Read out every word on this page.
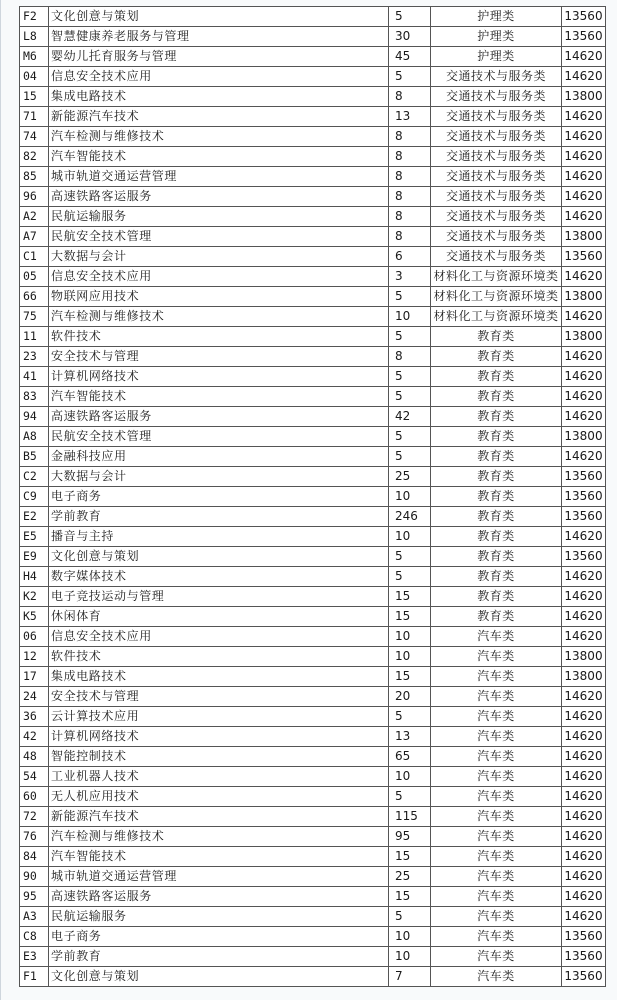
F2	文化创意与策划	5	护理类	13560
L8	智慧健康养老服务与管理	30	护理类	13560
M6	婴幼儿托育服务与管理	45	护理类	14620
04	信息安全技术应用	5	交通技术与服务类	14620
15	集成电路技术	8	交通技术与服务类	13800
71	新能源汽车技术	13	交通技术与服务类	14620
74	汽车检测与维修技术	8	交通技术与服务类	14620
82	汽车智能技术	8	交通技术与服务类	14620
85	城市轨道交通运营管理	8	交通技术与服务类	14620
96	高速铁路客运服务	8	交通技术与服务类	14620
A2	民航运输服务	8	交通技术与服务类	14620
A7	民航安全技术管理	8	交通技术与服务类	13800
C1	大数据与会计	6	交通技术与服务类	13560
05	信息安全技术应用	3	材料化工与资源环境类	14620
66	物联网应用技术	5	材料化工与资源环境类	13800
75	汽车检测与维修技术	10	材料化工与资源环境类	14620
11	软件技术	5	教育类	13800
23	安全技术与管理	8	教育类	14620
41	计算机网络技术	5	教育类	14620
83	汽车智能技术	5	教育类	14620
94	高速铁路客运服务	42	教育类	14620
A8	民航安全技术管理	5	教育类	13800
B5	金融科技应用	5	教育类	14620
C2	大数据与会计	25	教育类	13560
C9	电子商务	10	教育类	13560
E2	学前教育	246	教育类	13560
E5	播音与主持	10	教育类	14620
E9	文化创意与策划	5	教育类	13560
H4	数字媒体技术	5	教育类	14620
K2	电子竞技运动与管理	15	教育类	14620
K5	休闲体育	15	教育类	14620
06	信息安全技术应用	10	汽车类	14620
12	软件技术	10	汽车类	13800
17	集成电路技术	15	汽车类	13800
24	安全技术与管理	20	汽车类	14620
36	云计算技术应用	5	汽车类	14620
42	计算机网络技术	13	汽车类	14620
48	智能控制技术	65	汽车类	14620
54	工业机器人技术	10	汽车类	14620
60	无人机应用技术	5	汽车类	14620
72	新能源汽车技术	115	汽车类	14620
76	汽车检测与维修技术	95	汽车类	14620
84	汽车智能技术	15	汽车类	14620
90	城市轨道交通运营管理	25	汽车类	14620
95	高速铁路客运服务	15	汽车类	14620
A3	民航运输服务	5	汽车类	14620
C8	电子商务	10	汽车类	13560
E3	学前教育	10	汽车类	13560
F1	文化创意与策划	7	汽车类	13560
